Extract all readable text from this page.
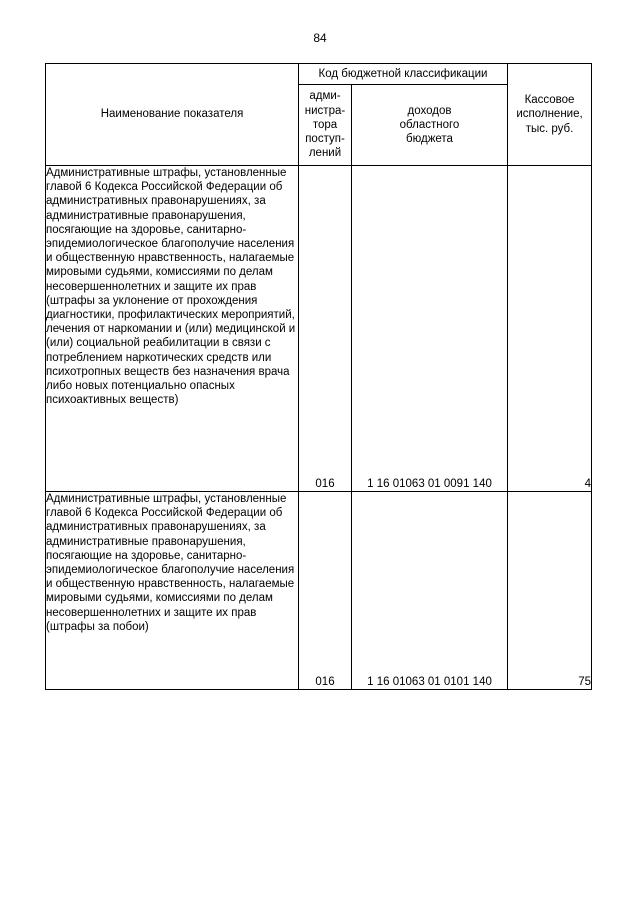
84
Наименование показателя	Код бюджетной классификации		Кассовое
исполнение,
тыс. руб.

	адми-
нистра-
тора
поступ-
лений	доходов
областного
бюджета	

Административные штрафы, установленные главой 6 Кодекса Российской Федерации об административных правонарушениях, за административные правонарушения, посягающие на здоровье, санитарно-эпидемиологическое благополучие населения и общественную нравственность, налагаемые мировыми судьями, комиссиями по делам несовершеннолетних и защите их прав (штрафы за уклонение от прохождения диагностики, профилактических мероприятий, лечения от наркомании и (или) медицинской и (или) социальной реабилитации в связи с потреблением наркотических средств или психотропных веществ без назначения врача либо новых потенциально опасных психоактивных веществ)	016	1 16 01063 01 0091 140	4
Административные штрафы, установленные главой 6 Кодекса Российской Федерации об административных правонарушениях, за административные правонарушения, посягающие на здоровье, санитарно-эпидемиологическое благополучие населения и общественную нравственность, налагаемые мировыми судьями, комиссиями по делам несовершеннолетних и защите их прав (штрафы за побои)	016	1 16 01063 01 0101 140	75
